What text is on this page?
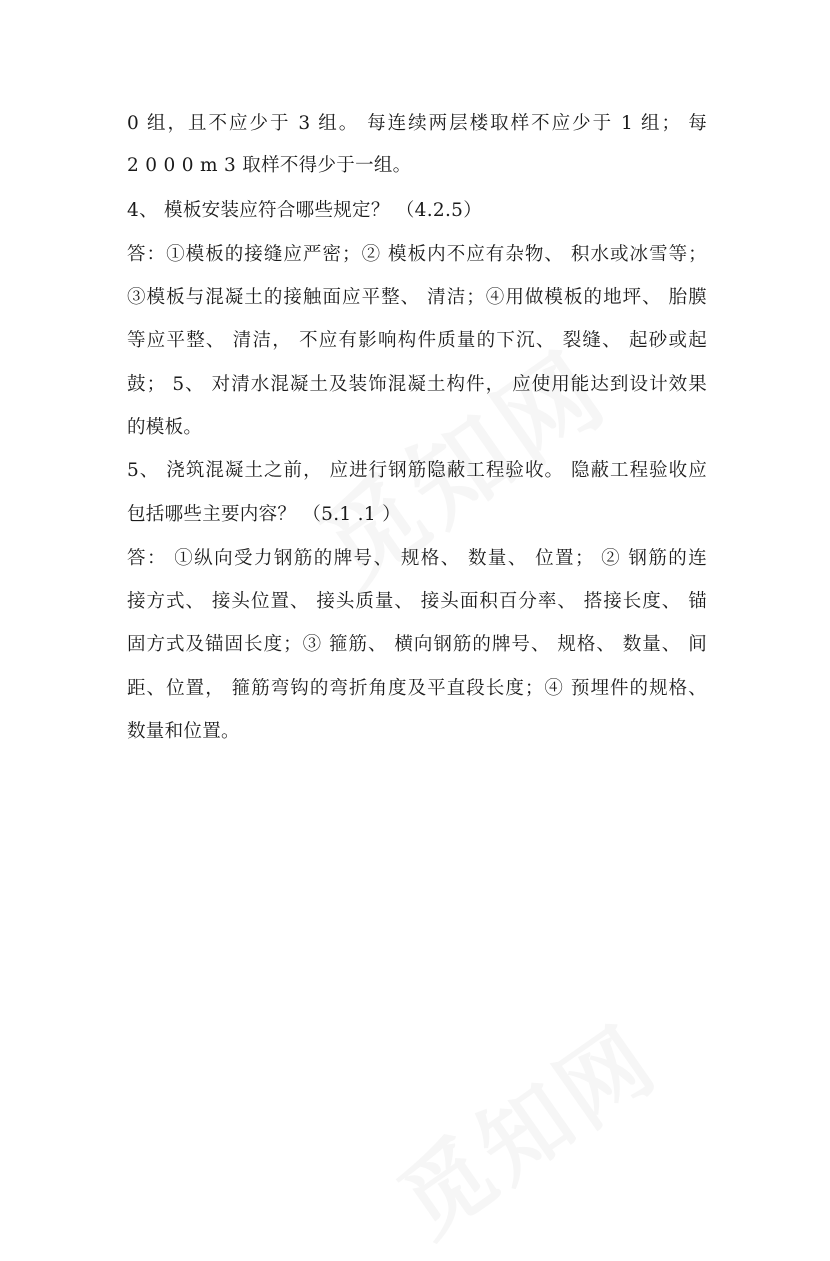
0 组，且不应少于 3 组。 每连续两层楼取样不应少于 1 组； 每
2 0 0 0 m 3 取样不得少于一组。
4、 模板安装应符合哪些规定？ （4.2.5）
答：①模板的接缝应严密；② 模板内不应有杂物、 积水或冰雪等；
③模板与混凝土的接触面应平整、 清洁；④用做模板的地坪、 胎膜
等应平整、 清洁， 不应有影响构件质量的下沉、 裂缝、 起砂或起
鼓； 5、 对清水混凝土及装饰混凝土构件， 应使用能达到设计效果
的模板。
5、 浇筑混凝土之前， 应进行钢筋隐蔽工程验收。 隐蔽工程验收应
包括哪些主要内容？ （5.1 .1 ）
答： ①纵向受力钢筋的牌号、 规格、 数量、 位置； ② 钢筋的连
接方式、 接头位置、 接头质量、 接头面积百分率、 搭接长度、 锚
固方式及锚固长度；③ 箍筋、 横向钢筋的牌号、 规格、 数量、 间
距、位置， 箍筋弯钩的弯折角度及平直段长度；④ 预埋件的规格、
数量和位置。
